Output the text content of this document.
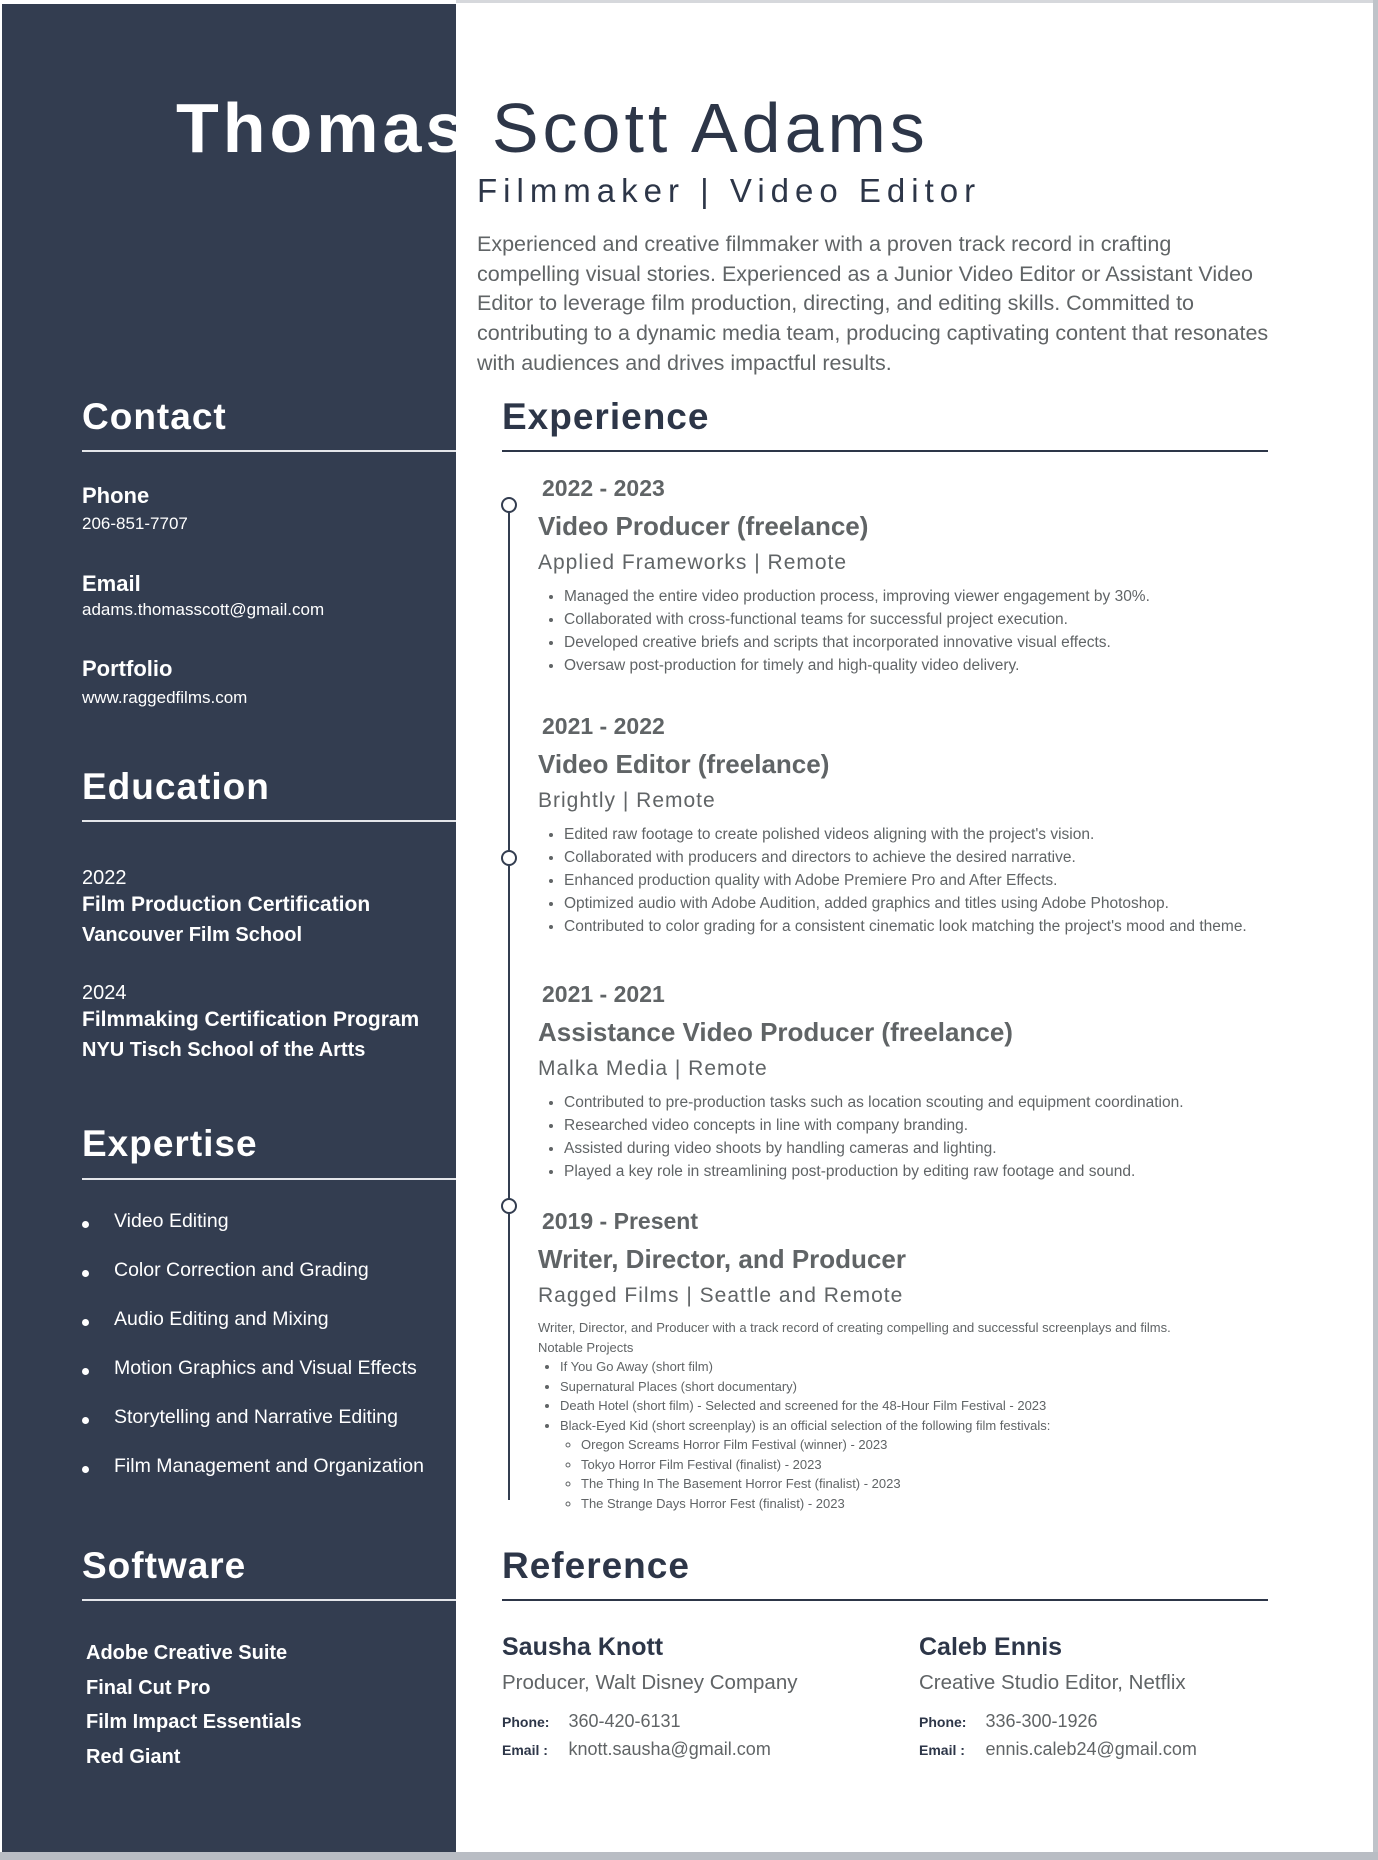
Thomas Scott Adams
Filmmaker | Video Editor
Experienced and creative filmmaker with a proven track record in crafting compelling visual stories. Experienced as a Junior Video Editor or Assistant Video Editor to leverage film production, directing, and editing skills. Committed to contributing to a dynamic media team, producing captivating content that resonates with audiences and drives impactful results.
Contact
Phone
206-851-7707
Email
adams.thomasscott@gmail.com
Portfolio
www.raggedfilms.com
Education
2022
Film Production Certification
Vancouver Film School
2024
Filmmaking Certification Program
NYU Tisch School of the Artts
Expertise
Video Editing
Color Correction and Grading
Audio Editing and Mixing
Motion Graphics and Visual Effects
Storytelling and Narrative Editing
Film Management and Organization
Software
Adobe Creative Suite
Final Cut Pro
Film Impact Essentials
Red Giant
Experience
2022 - 2023
Video Producer (freelance)
Applied Frameworks | Remote
• Managed the entire video production process, improving viewer engagement by 30%.
• Collaborated with cross-functional teams for successful project execution.
• Developed creative briefs and scripts that incorporated innovative visual effects.
• Oversaw post-production for timely and high-quality video delivery.
2021 - 2022
Video Editor (freelance)
Brightly | Remote
• Edited raw footage to create polished videos aligning with the project's vision.
• Collaborated with producers and directors to achieve the desired narrative.
• Enhanced production quality with Adobe Premiere Pro and After Effects.
• Optimized audio with Adobe Audition, added graphics and titles using Adobe Photoshop.
• Contributed to color grading for a consistent cinematic look matching the project's mood and theme.
2021 - 2021
Assistance Video Producer (freelance)
Malka Media | Remote
• Contributed to pre-production tasks such as location scouting and equipment coordination.
• Researched video concepts in line with company branding.
• Assisted during video shoots by handling cameras and lighting.
• Played a key role in streamlining post-production by editing raw footage and sound.
2019 - Present
Writer, Director, and Producer
Ragged Films | Seattle and Remote
Writer, Director, and Producer with a track record of creating compelling and successful screenplays and films.
Notable Projects
• If You Go Away (short film)
• Supernatural Places (short documentary)
• Death Hotel (short film) - Selected and screened for the 48-Hour Film Festival - 2023
• Black-Eyed Kid (short screenplay) is an official selection of the following film festivals:
◦ Oregon Screams Horror Film Festival (winner) - 2023
◦ Tokyo Horror Film Festival (finalist) - 2023
◦ The Thing In The Basement Horror Fest (finalist) - 2023
◦ The Strange Days Horror Fest (finalist) - 2023
Reference
Sausha Knott
Producer, Walt Disney Company
Phone: 360-420-6131
Email : knott.sausha@gmail.com
Caleb Ennis
Creative Studio Editor, Netflix
Phone: 336-300-1926
Email : ennis.caleb24@gmail.com
